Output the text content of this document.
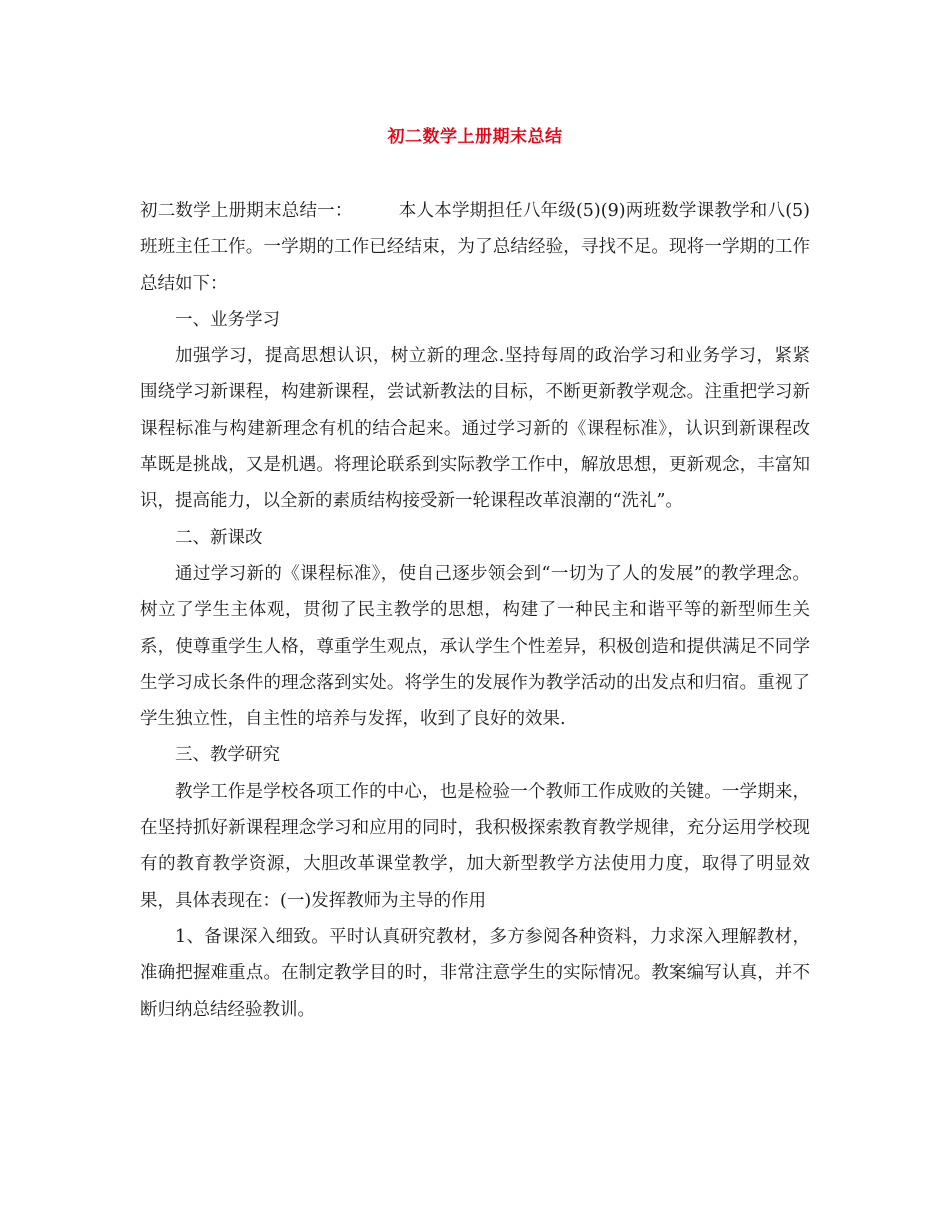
初二数学上册期末总结

初二数学上册期末总结一：	本人本学期担任八年级(5)(9)两班数学课教学和八(5)班班主任工作。一学期的工作已经结束，为了总结经验，寻找不足。现将一学期的工作总结如下：

一、业务学习

加强学习，提高思想认识，树立新的理念.坚持每周的政治学习和业务学习，紧紧围绕学习新课程，构建新课程，尝试新教法的目标，不断更新教学观念。注重把学习新课程标准与构建新理念有机的结合起来。通过学习新的《课程标准》，认识到新课程改革既是挑战，又是机遇。将理论联系到实际教学工作中，解放思想，更新观念，丰富知识，提高能力，以全新的素质结构接受新一轮课程改革浪潮的“洗礼”。

二、新课改

通过学习新的《课程标准》，使自己逐步领会到“一切为了人的发展”的教学理念。树立了学生主体观，贯彻了民主教学的思想，构建了一种民主和谐平等的新型师生关系，使尊重学生人格，尊重学生观点，承认学生个性差异，积极创造和提供满足不同学生学习成长条件的理念落到实处。将学生的发展作为教学活动的出发点和归宿。重视了学生独立性，自主性的培养与发挥，收到了良好的效果.

三、教学研究

教学工作是学校各项工作的中心，也是检验一个教师工作成败的关键。一学期来，在坚持抓好新课程理念学习和应用的同时，我积极探索教育教学规律，充分运用学校现有的教育教学资源，大胆改革课堂教学，加大新型教学方法使用力度，取得了明显效果，具体表现在：(一)发挥教师为主导的作用

1、备课深入细致。平时认真研究教材，多方参阅各种资料，力求深入理解教材，准确把握难重点。在制定教学目的时，非常注意学生的实际情况。教案编写认真，并不断归纳总结经验教训。
